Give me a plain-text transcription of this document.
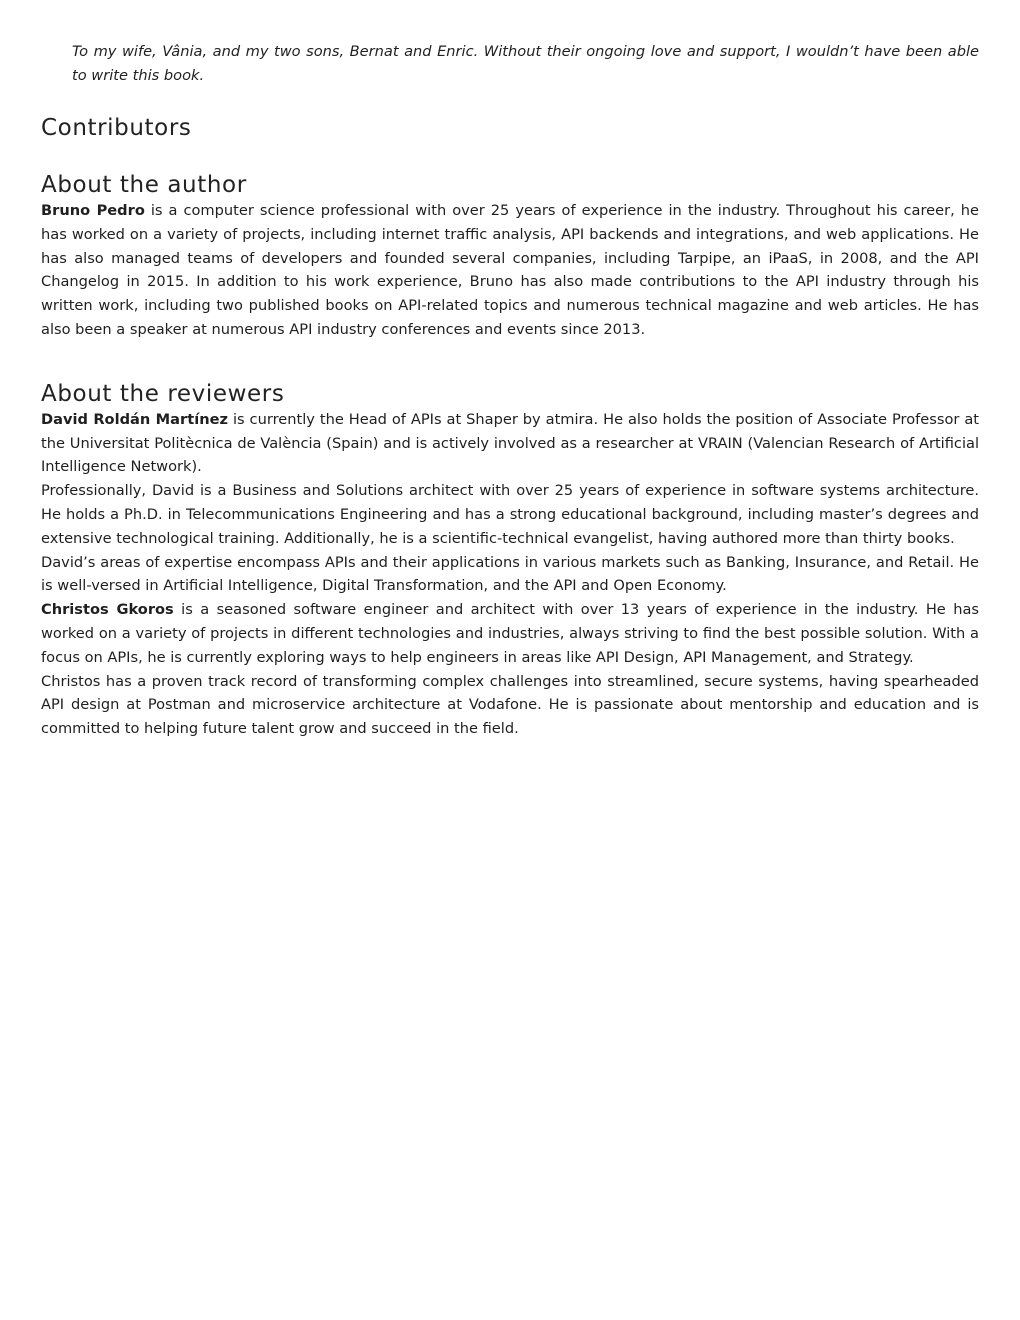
To my wife, Vânia, and my two sons, Bernat and Enric. Without their ongoing love and support, I wouldn’t have been able to write this book.

Contributors
About the author

Bruno Pedro is a computer science professional with over 25 years of experience in the industry. Throughout his career, he has worked on a variety of projects, including internet traffic analysis, API backends and integrations, and web applications. He has also managed teams of developers and founded several companies, including Tarpipe, an iPaaS, in 2008, and the API Changelog in 2015. In addition to his work experience, Bruno has also made contributions to the API industry through his written work, including two published books on API-related topics and numerous technical magazine and web articles. He has also been a speaker at numerous API industry conferences and events since 2013.

About the reviewers

David Roldán Martínez is currently the Head of APIs at Shaper by atmira. He also holds the position of Associate Professor at the Universitat Politècnica de València (Spain) and is actively involved as a researcher at VRAIN (Valencian Research of Artificial Intelligence Network).

Professionally, David is a Business and Solutions architect with over 25 years of experience in software systems architecture. He holds a Ph.D. in Telecommunications Engineering and has a strong educational background, including master’s degrees and extensive technological training. Additionally, he is a scientific-technical evangelist, having authored more than thirty books.

David’s areas of expertise encompass APIs and their applications in various markets such as Banking, Insurance, and Retail. He is well-versed in Artificial Intelligence, Digital Transformation, and the API and Open Economy.

Christos Gkoros is a seasoned software engineer and architect with over 13 years of experience in the industry. He has worked on a variety of projects in different technologies and industries, always striving to find the best possible solution. With a focus on APIs, he is currently exploring ways to help engineers in areas like API Design, API Management, and Strategy.

Christos has a proven track record of transforming complex challenges into streamlined, secure systems, having spearheaded API design at Postman and microservice architecture at Vodafone. He is passionate about mentorship and education and is committed to helping future talent grow and succeed in the field.
